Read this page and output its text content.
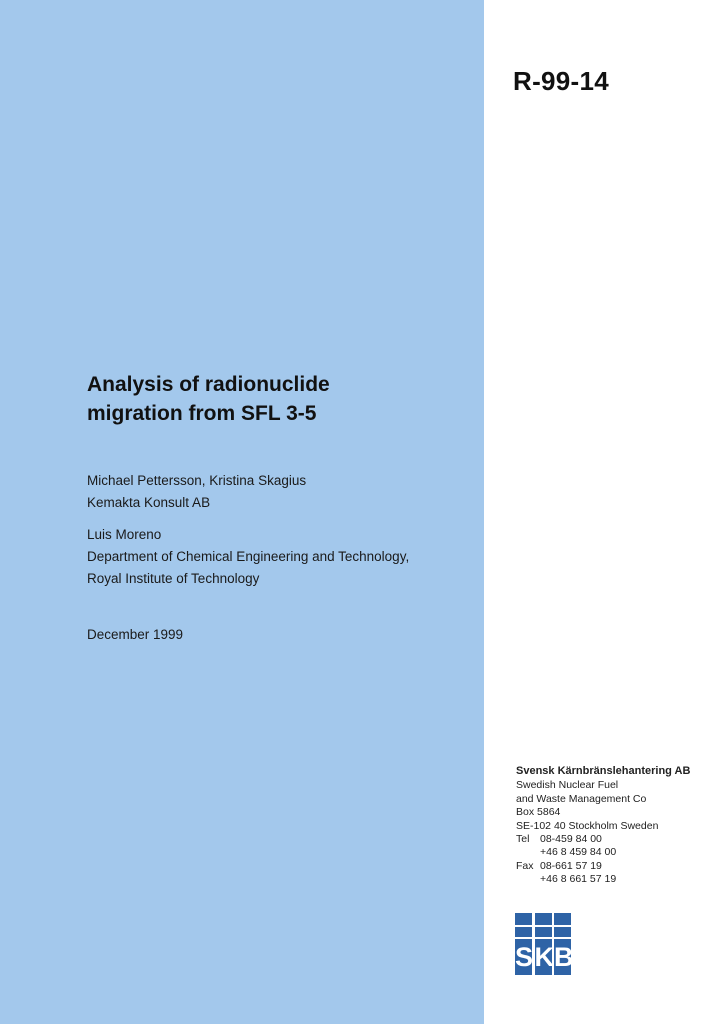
R-99-14
Analysis of radionuclide
migration from SFL 3-5
Michael Pettersson, Kristina Skagius
Kemakta Konsult AB
Luis Moreno
Department of Chemical Engineering and Technology,
Royal Institute of Technology
December 1999
Svensk Kärnbränslehantering AB
Swedish Nuclear Fuel
and Waste Management Co
Box 5864
SE-102 40 Stockholm Sweden
Tel 08-459 84 00
+46 8 459 84 00
Fax 08-661 57 19
+46 8 661 57 19
S K B
